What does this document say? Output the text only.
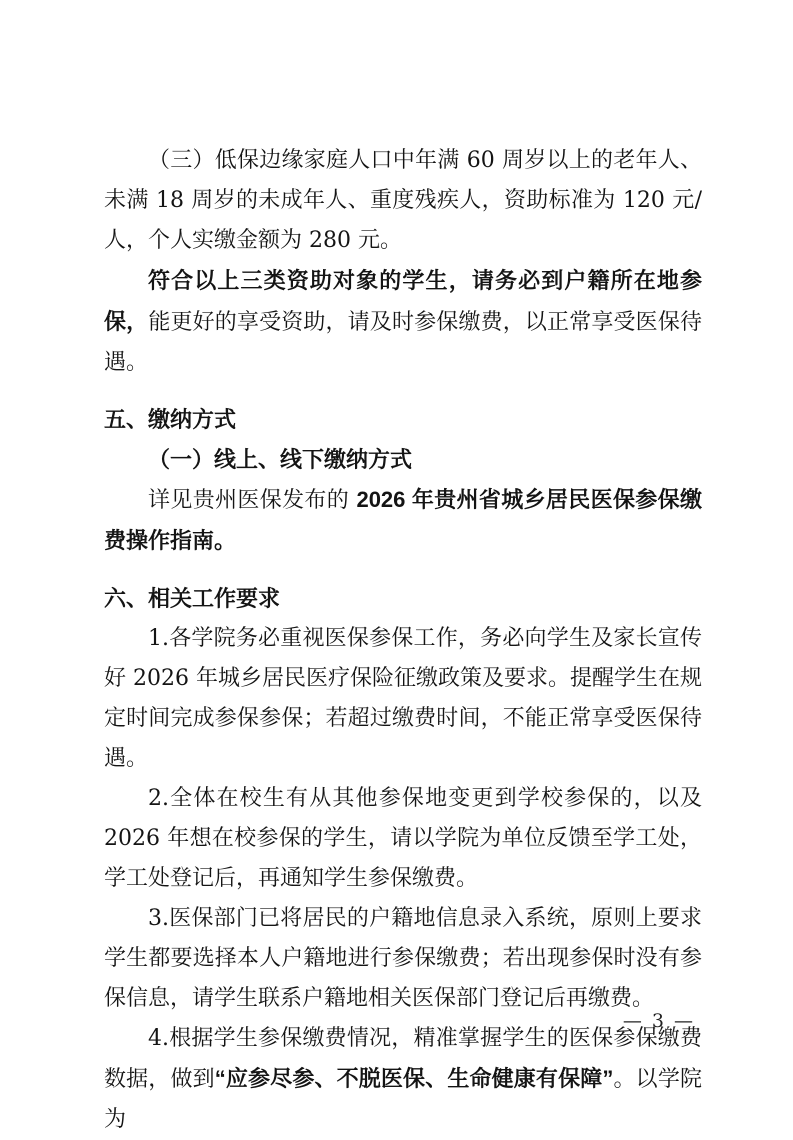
（三）低保边缘家庭人口中年满 60 周岁以上的老年人、未满 18 周岁的未成年人、重度残疾人，资助标准为 120 元/人，个人实缴金额为 280 元。

符合以上三类资助对象的学生，请务必到户籍所在地参保，能更好的享受资助，请及时参保缴费，以正常享受医保待遇。

五、缴纳方式

（一）线上、线下缴纳方式

详见贵州医保发布的 2026 年贵州省城乡居民医保参保缴费操作指南。

六、相关工作要求

1.各学院务必重视医保参保工作，务必向学生及家长宣传好 2026 年城乡居民医疗保险征缴政策及要求。提醒学生在规定时间完成参保参保；若超过缴费时间，不能正常享受医保待遇。

2.全体在校生有从其他参保地变更到学校参保的，以及 2026 年想在校参保的学生，请以学院为单位反馈至学工处，学工处登记后，再通知学生参保缴费。

3.医保部门已将居民的户籍地信息录入系统，原则上要求学生都要选择本人户籍地进行参保缴费；若出现参保时没有参保信息，请学生联系户籍地相关医保部门登记后再缴费。

4.根据学生参保缴费情况，精准掌握学生的医保参保缴费数据，做到“应参尽参、不脱医保、生命健康有保障”。以学院为

— 3 —
